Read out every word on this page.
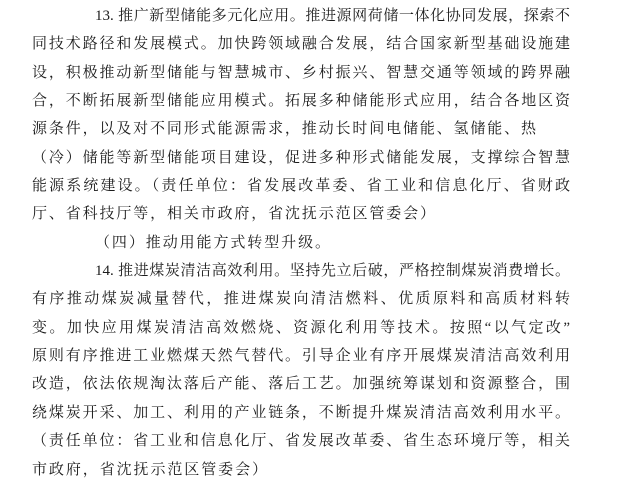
13. 推广新型储能多元化应用。推进源网荷储一体化协同发展，探索不
同技术路径和发展模式。加快跨领域融合发展，结合国家新型基础设施建
设，积极推动新型储能与智慧城市、乡村振兴、智慧交通等领域的跨界融
合，不断拓展新型储能应用模式。拓展多种储能形式应用，结合各地区资
源条件，以及对不同形式能源需求，推动长时间电储能、氢储能、热
（冷）储能等新型储能项目建设，促进多种形式储能发展，支撑综合智慧
能源系统建设。（责任单位：省发展改革委、省工业和信息化厅、省财政
厅、省科技厅等，相关市政府，省沈抚示范区管委会）
（四）推动用能方式转型升级。
14. 推进煤炭清洁高效利用。坚持先立后破，严格控制煤炭消费增长。
有序推动煤炭减量替代，推进煤炭向清洁燃料、优质原料和高质材料转
变。加快应用煤炭清洁高效燃烧、资源化利用等技术。按照“以气定改”
原则有序推进工业燃煤天然气替代。引导企业有序开展煤炭清洁高效利用
改造，依法依规淘汰落后产能、落后工艺。加强统筹谋划和资源整合，围
绕煤炭开采、加工、利用的产业链条，不断提升煤炭清洁高效利用水平。
（责任单位：省工业和信息化厅、省发展改革委、省生态环境厅等，相关
市政府，省沈抚示范区管委会）
